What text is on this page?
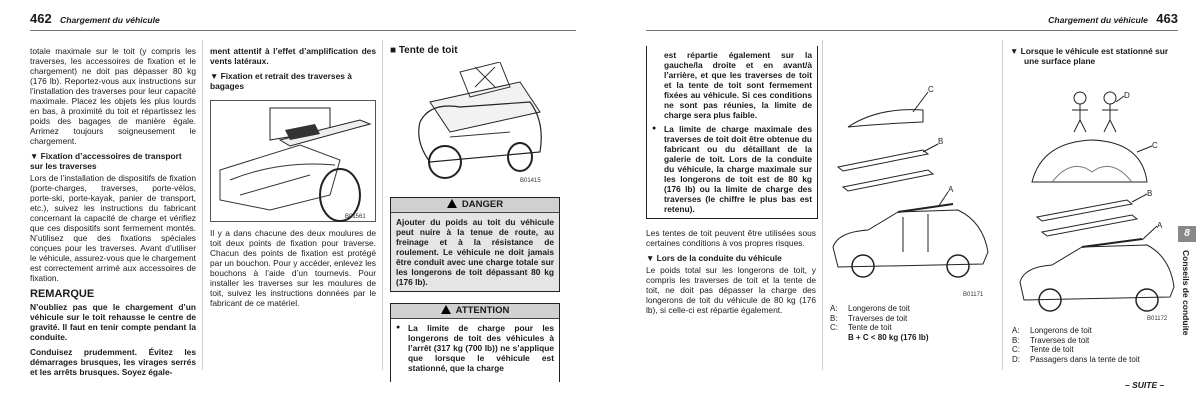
462 Chargement du véhicule

totale maximale sur le toit (y compris les traverses, les accessoires de fixation et le chargement) ne doit pas dépasser 80 kg (176 lb). Reportez-vous aux instructions sur l’installation des traverses pour leur capacité maximale. Placez les objets les plus lourds en bas, à proximité du toit et répartissez les poids des bagages de manière égale. Arrimez toujours soigneusement le chargement.

▼ Fixation d’accessoires de transport sur les traverses

Lors de l’installation de dispositifs de fixation (porte-charges, traverses, porte-vélos, porte-ski, porte-kayak, panier de transport, etc.), suivez les instructions du fabricant concernant la capacité de charge et vérifiez que ces dispositifs sont fermement montés. N’utilisez que des fixations spéciales conçues pour les traverses. Avant d’utiliser le véhicule, assurez-vous que le chargement est correctement arrimé aux accessoires de fixation.

REMARQUE

N’oubliez pas que le chargement d’un véhicule sur le toit rehausse le centre de gravité. Il faut en tenir compte pendant la conduite.

Conduisez prudemment. Évitez les démarrages brusques, les virages serrés et les arrêts brusques. Soyez égale-

ment attentif à l’effet d’amplification des vents latéraux.

▼ Fixation et retrait des traverses à bagages
B01561

Il y a dans chacune des deux moulures de toit deux points de fixation pour traverse. Chacun des points de fixation est protégé par un bouchon. Pour y accéder, enlevez les bouchons à l’aide d’un tournevis. Pour installer les traverses sur les moulures de toit, suivez les instructions données par le fabricant de ce matériel.

■ Tente de toit
B01415
DANGER
Ajouter du poids au toit du véhicule peut nuire à la tenue de route, au freinage et à la résistance de roulement. Le véhicule ne doit jamais être conduit avec une charge totale sur les longerons de toit dépassant 80 kg (176 lb).
ATTENTION
● La limite de charge pour les longerons de toit des véhicules à l’arrêt (317 kg (700 lb)) ne s’applique que lorsque le véhicule est stationné, que la charge
Chargement du véhicule 463
est répartie également sur la gauche/la droite et en avant/à l’arrière, et que les traverses de toit et la tente de toit sont fermement fixées au véhicule. Si ces conditions ne sont pas réunies, la limite de charge sera plus faible.
● La limite de charge maximale des traverses de toit doit être obtenue du fabricant ou du détaillant de la galerie de toit. Lors de la conduite du véhicule, la charge maximale sur les longerons de toit est de 80 kg (176 lb) ou la limite de charge des traverses (le chiffre le plus bas est retenu).

Les tentes de toit peuvent être utilisées sous certaines conditions à vos propres risques.

▼ Lors de la conduite du véhicule

Le poids total sur les longerons de toit, y compris les traverses de toit et la tente de toit, ne doit pas dépasser la charge des longerons de toit du véhicule de 80 kg (176 lb), si celle-ci est répartie également.

C
B
A
B01171
A: Longerons de toit
B: Traverses de toit
C: Tente de toit
B + C < 80 kg (176 lb)
▼ Lorsque le véhicule est stationné sur une surface plane
D
C
B
A
B01172
A: Longerons de toit
B: Traverses de toit
C: Tente de toit
D: Passagers dans la tente de toit
8
Conseils de conduite
– SUITE –
